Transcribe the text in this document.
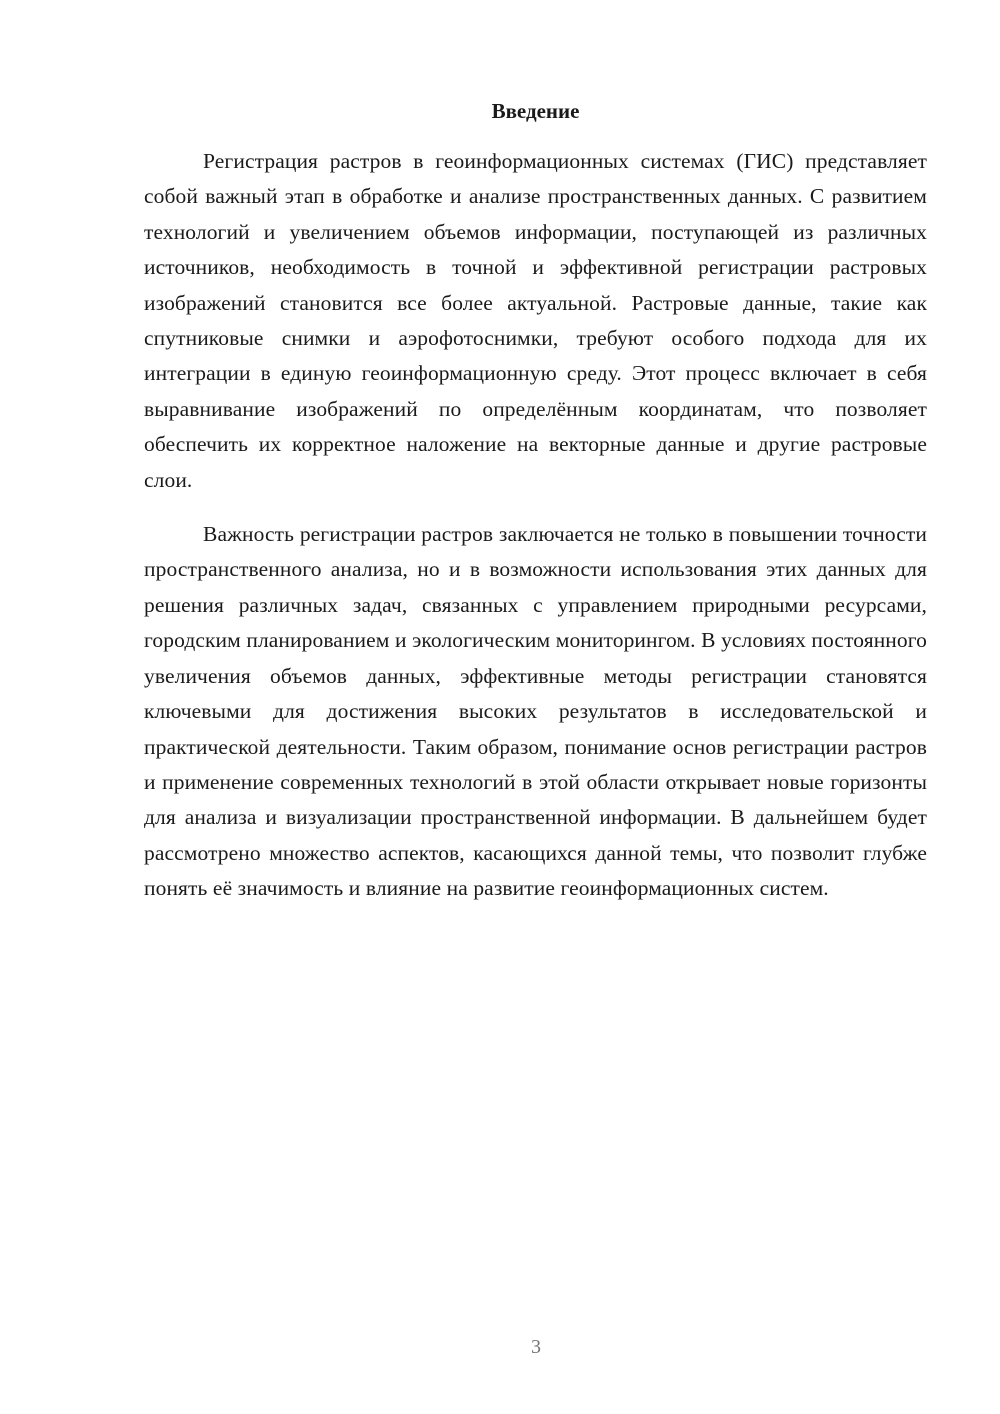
Введение

Регистрация растров в геоинформационных системах (ГИС) представляет собой важный этап в обработке и анализе пространственных данных. С развитием технологий и увеличением объемов информации, поступающей из различных источников, необходимость в точной и эффективной регистрации растровых изображений становится все более актуальной. Растровые данные, такие как спутниковые снимки и аэрофотоснимки, требуют особого подхода для их интеграции в единую геоинформационную среду. Этот процесс включает в себя выравнивание изображений по определённым координатам, что позволяет обеспечить их корректное наложение на векторные данные и другие растровые слои.

Важность регистрации растров заключается не только в повышении точности пространственного анализа, но и в возможности использования этих данных для решения различных задач, связанных с управлением природными ресурсами, городским планированием и экологическим мониторингом. В условиях постоянного увеличения объемов данных, эффективные методы регистрации становятся ключевыми для достижения высоких результатов в исследовательской и практической деятельности. Таким образом, понимание основ регистрации растров и применение современных технологий в этой области открывает новые горизонты для анализа и визуализации пространственной информации. В дальнейшем будет рассмотрено множество аспектов, касающихся данной темы, что позволит глубже понять её значимость и влияние на развитие геоинформационных систем.

3
